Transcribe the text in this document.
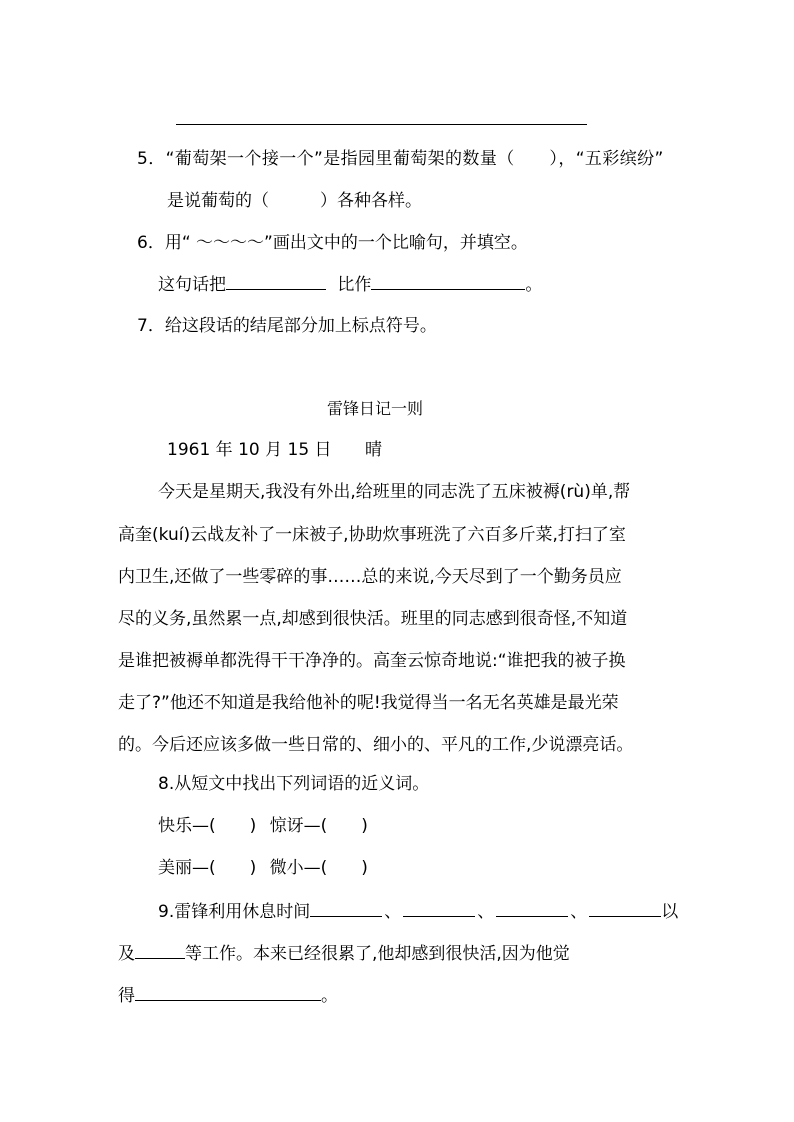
5．“葡萄架一个接一个”是指园里葡萄架的数量（　　），“五彩缤纷”
是说葡萄的（　　　）各种各样。
6．用“ ～～～～”画出文中的一个比喻句，并填空。
这句话把	比作	。
7．给这段话的结尾部分加上标点符号。
雷锋日记一则
1961 年 10 月 15 日 晴
今天是星期天,我没有外出,给班里的同志洗了五床被褥(rù)单,帮
高奎(kuí)云战友补了一床被子,协助炊事班洗了六百多斤菜,打扫了室
内卫生,还做了一些零碎的事……总的来说,今天尽到了一个勤务员应
尽的义务,虽然累一点,却感到很快活。班里的同志感到很奇怪,不知道
是谁把被褥单都洗得干干净净的。高奎云惊奇地说:“谁把我的被子换
走了?”他还不知道是我给他补的呢!我觉得当一名无名英雄是最光荣
的。今后还应该多做一些日常的、细小的、平凡的工作,少说漂亮话。
8.从短文中找出下列词语的近义词。
快乐—(　　) 惊讶—(　　)
美丽—(　　) 微小—(　　)
9.雷锋利用休息时间	、	、	、	以
及	等工作。本来已经很累了,他却感到很快活,因为他觉
得	。
